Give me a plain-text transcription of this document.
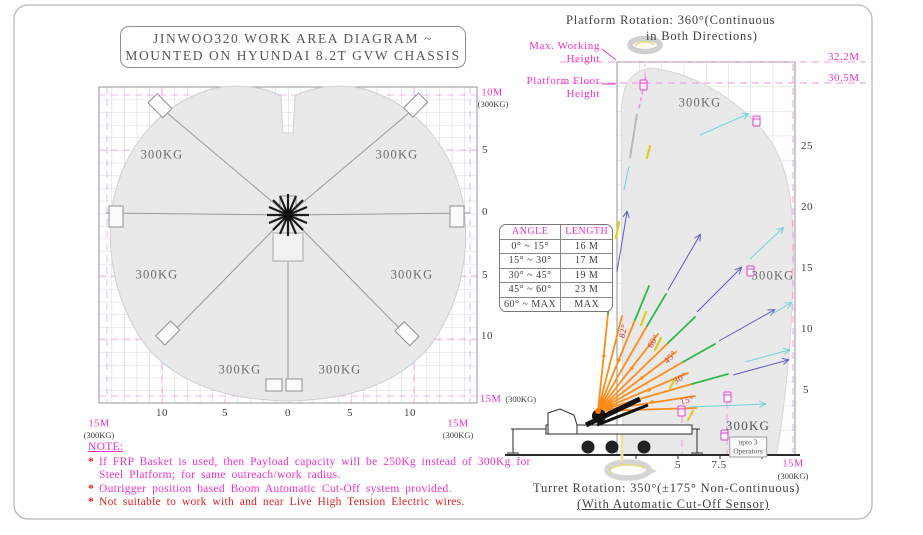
JINWOO320 WORK AREA DIAGRAM ~
MOUNTED ON HYUNDAI 8.2T GVW CHASSIS
300KG	300KG
300KG	300KG
300KG	300KG
10	5	0	5	10
10M
(300KG)
5
0
5
10
15M (300KG)
15M
(300KG)
15M
(300KG)
ANGLE	LENGTH
0° ~ 15°	16 M
15° ~ 30°	17 M
30° ~ 45°	19 M
45° ~ 60°	23 M
60° ~ MAX	MAX
Platform Rotation: 360°(Continuous
in Both Directions)
Max. Working
Height
Platform Floor
Height
32.2M
30.5M
25
20
15
10
5
5	7.5	15M
(300KG)
300KG
300KG
300KG
upto 3
Operators
82°
60°
45°
30°
15°
Turret Rotation: 350°(±175° Non-Continuous)
(With Automatic Cut-Off Sensor)
NOTE:
* If FRP Basket is used, then Payload capacity will be 250Kg instead of 300Kg for Steel Platform; for same outreach/work radius.
* Outrigger position based Boom Automatic Cut-Off system provided.
* Not suitable to work with and near Live High Tension Electric wires.
